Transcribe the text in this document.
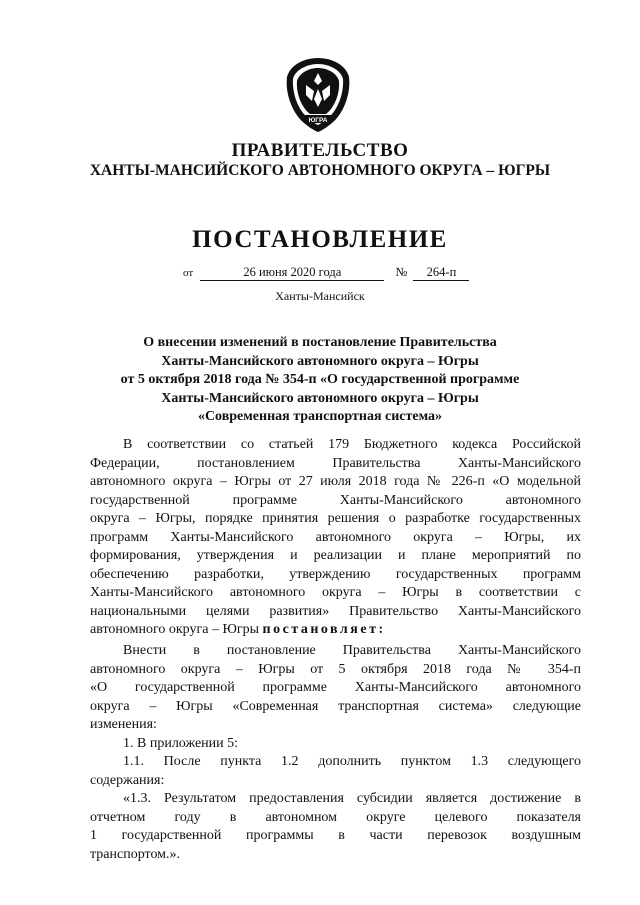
ЮГРА
ПРАВИТЕЛЬСТВО
ХАНТЫ-МАНСИЙСКОГО АВТОНОМНОГО ОКРУГА – ЮГРЫ
ПОСТАНОВЛЕНИЕ
от	26 июня 2020 года	№ 264-п
Ханты-Мансийск
О внесении изменений в постановление Правительства
Ханты-Мансийского автономного округа – Югры
от 5 октября 2018 года № 354-п «О государственной программе
Ханты-Мансийского автономного округа – Югры
«Современная транспортная система»
В соответствии со статьей 179 Бюджетного кодекса Российской
Федерации, постановлением Правительства Ханты-Мансийского
автономного округа – Югры от 27 июля 2018 года № 226-п «О модельной
государственной программе Ханты-Мансийского автономного
округа – Югры, порядке принятия решения о разработке государственных
программ Ханты-Мансийского автономного округа – Югры, их
формирования, утверждения и реализации и плане мероприятий по
обеспечению разработки, утверждению государственных программ
Ханты-Мансийского автономного округа – Югры в соответствии с
национальными целями развития» Правительство Ханты-Мансийского
автономного округа – Югры постановляет:
Внести в постановление Правительства Ханты-Мансийского
автономного округа – Югры от 5 октября 2018 года № 354-п
«О государственной программе Ханты-Мансийского автономного
округа – Югры «Современная транспортная система» следующие
изменения:
1. В приложении 5:
1.1. После пункта 1.2 дополнить пунктом 1.3 следующего
содержания:
«1.3. Результатом предоставления субсидии является достижение в
отчетном году в автономном округе целевого показателя
1 государственной программы в части перевозок воздушным
транспортом.».
